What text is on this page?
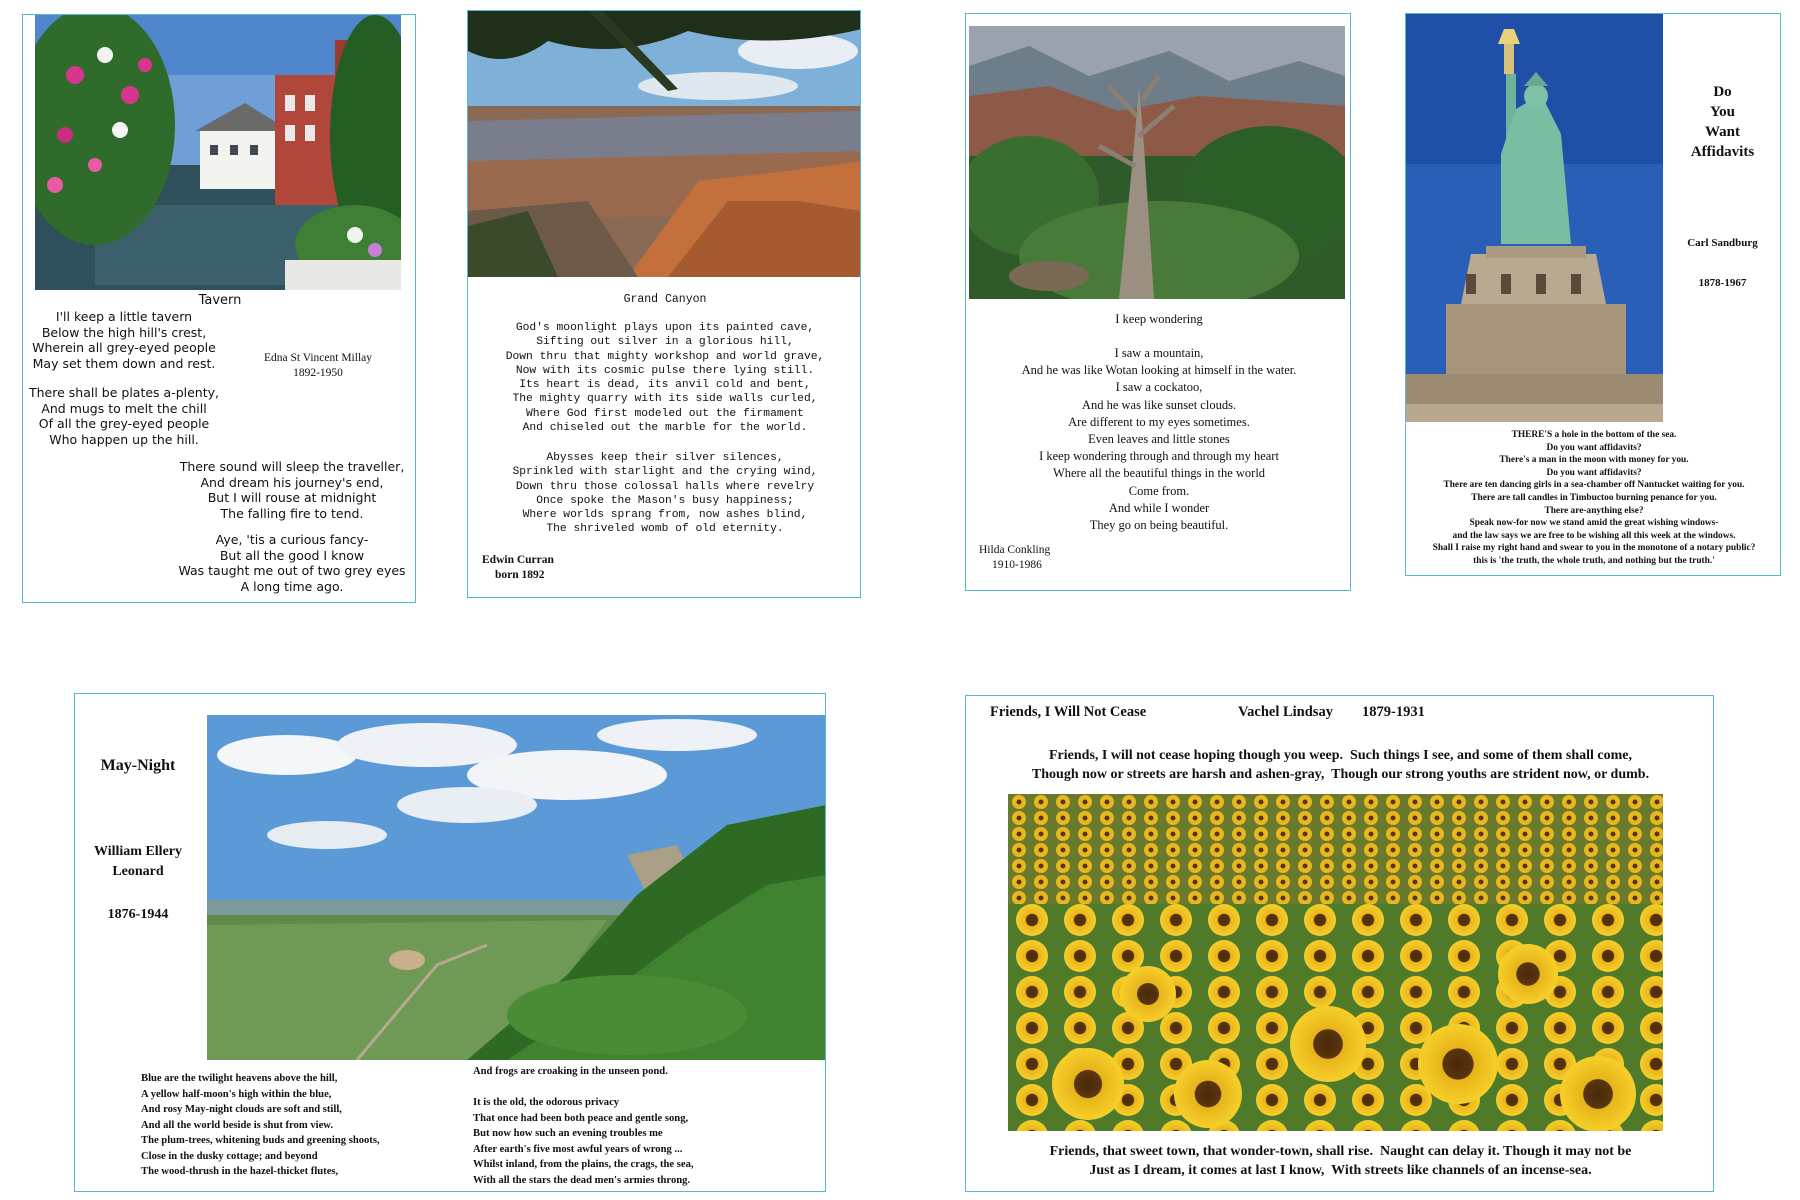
Tavern
I'll keep a little tavern
Below the high hill's crest,
Wherein all grey-eyed people
May set them down and rest.	Edna St Vincent Millay
1892-1950
There shall be plates a-plenty,
And mugs to melt the chill
Of all the grey-eyed people
Who happen up the hill.
There sound will sleep the traveller,
And dream his journey's end,
But I will rouse at midnight
The falling fire to tend.
Aye, 'tis a curious fancy-
But all the good I know
Was taught me out of two grey eyes
A long time ago.
Grand Canyon
God's moonlight plays upon its painted cave,
Sifting out silver in a glorious hill,
Down thru that mighty workshop and world grave,
Now with its cosmic pulse there lying still.
Its heart is dead, its anvil cold and bent,
The mighty quarry with its side walls curled,
Where God first modeled out the firmament
And chiseled out the marble for the world.
Abysses keep their silver silences,
Sprinkled with starlight and the crying wind,
Down thru those colossal halls where revelry
Once spoke the Mason's busy happiness;
Where worlds sprang from, now ashes blind,
The shriveled womb of old eternity.
Edwin Curran
born 1892
I keep wondering
I saw a mountain,
And he was like Wotan looking at himself in the water.
I saw a cockatoo,
And he was like sunset clouds.
Are different to my eyes sometimes.
Even leaves and little stones
I keep wondering through and through my heart
Where all the beautiful things in the world
Come from.
And while I wonder
They go on being beautiful.
Hilda Conkling
1910-1986
Do
You
Want
Affidavits
Carl Sandburg
1878-1967
THERE'S a hole in the bottom of the sea.
Do you want affidavits?
There's a man in the moon with money for you.
Do you want affidavits?
There are ten dancing girls in a sea-chamber off Nantucket waiting for you.
There are tall candles in Timbuctoo burning penance for you.
There are-anything else?
Speak now-for now we stand amid the great wishing windows-
and the law says we are free to be wishing all this week at the windows.
Shall I raise my right hand and swear to you in the monotone of a notary public?
this is 'the truth, the whole truth, and nothing but the truth.'
May-Night
William Ellery
Leonard
1876-1944
Blue are the twilight heavens above the hill,
A yellow half-moon's high within the blue,
And rosy May-night clouds are soft and still,
And all the world beside is shut from view.
The plum-trees, whitening buds and greening shoots,
Close in the dusky cottage; and beyond
The wood-thrush in the hazel-thicket flutes,
And frogs are croaking in the unseen pond.
It is the old, the odorous privacy
That once had been both peace and gentle song,
But now how such an evening troubles me
After earth's five most awful years of wrong ...
Whilst inland, from the plains, the crags, the sea,
With all the stars the dead men's armies throng.
Friends, I Will Not Cease	Vachel Lindsay 1879-1931
Friends, I will not cease hoping though you weep.  Such things I see, and some of them shall come,
Though now or streets are harsh and ashen-gray,  Though our strong youths are strident now, or dumb.
Friends, that sweet town, that wonder-town, shall rise.  Naught can delay it. Though it may not be
Just as I dream, it comes at last I know,  With streets like channels of an incense-sea.
